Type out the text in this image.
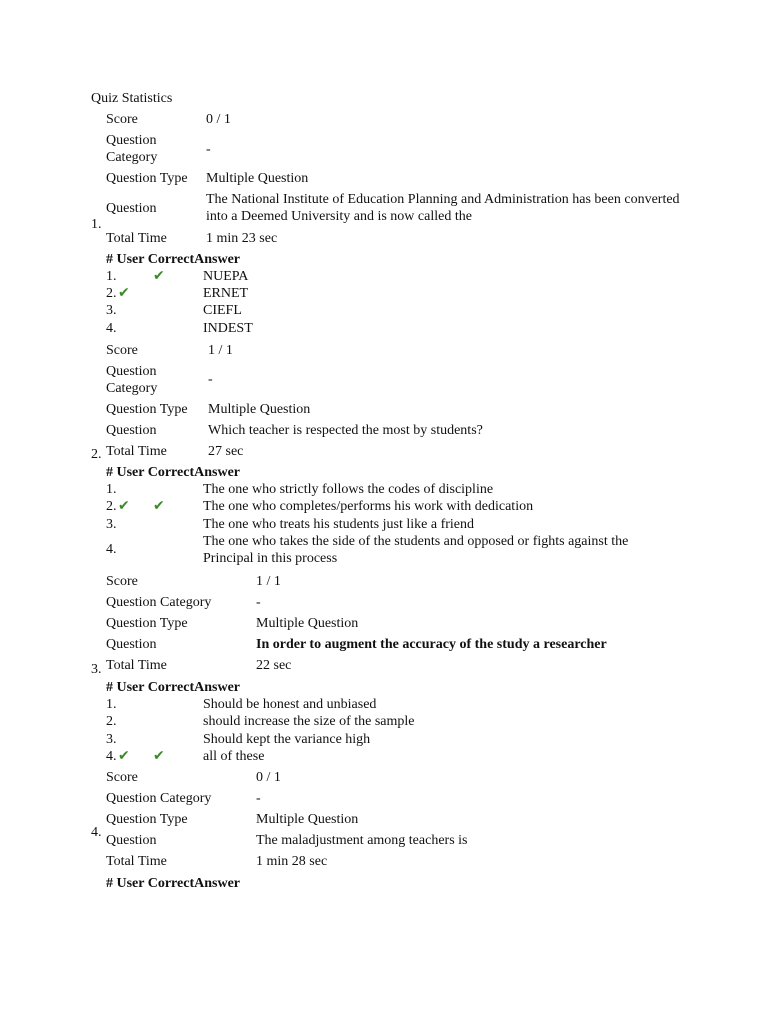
Quiz Statistics
1.
Score	0 / 1
Question Category
-
Question Type Multiple Question
Question
The National Institute of Education Planning and Administration has been converted into a Deemed University and is now called the
Total Time	1 min 23 sec
# User CorrectAnswer
1.	✔	NUEPA
2. ✔	ERNET
3.	CIEFL
4.	INDEST
2.
Score	1 / 1
Question Category
-
Question Type Multiple Question
Question	Which teacher is respected the most by students?
Total Time	27 sec
# User CorrectAnswer
1.	The one who strictly follows the codes of discipline
2. ✔ ✔	The one who completes/performs his work with dedication
3.	The one who treats his students just like a friend
4.
The one who takes the side of the students and opposed or fights against the Principal in this process
3.
Score	1 / 1
Question Category	-
Question Type	Multiple Question
Question	In order to augment the accuracy of the study a researcher
Total Time	22 sec
# User CorrectAnswer
1.	Should be honest and unbiased
2.	should increase the size of the sample
3.	Should kept the variance high
4. ✔ ✔	all of these
4.
Score	0 / 1
Question Category	-
Question Type	Multiple Question
Question	The maladjustment among teachers is
Total Time	1 min 28 sec
# User CorrectAnswer
